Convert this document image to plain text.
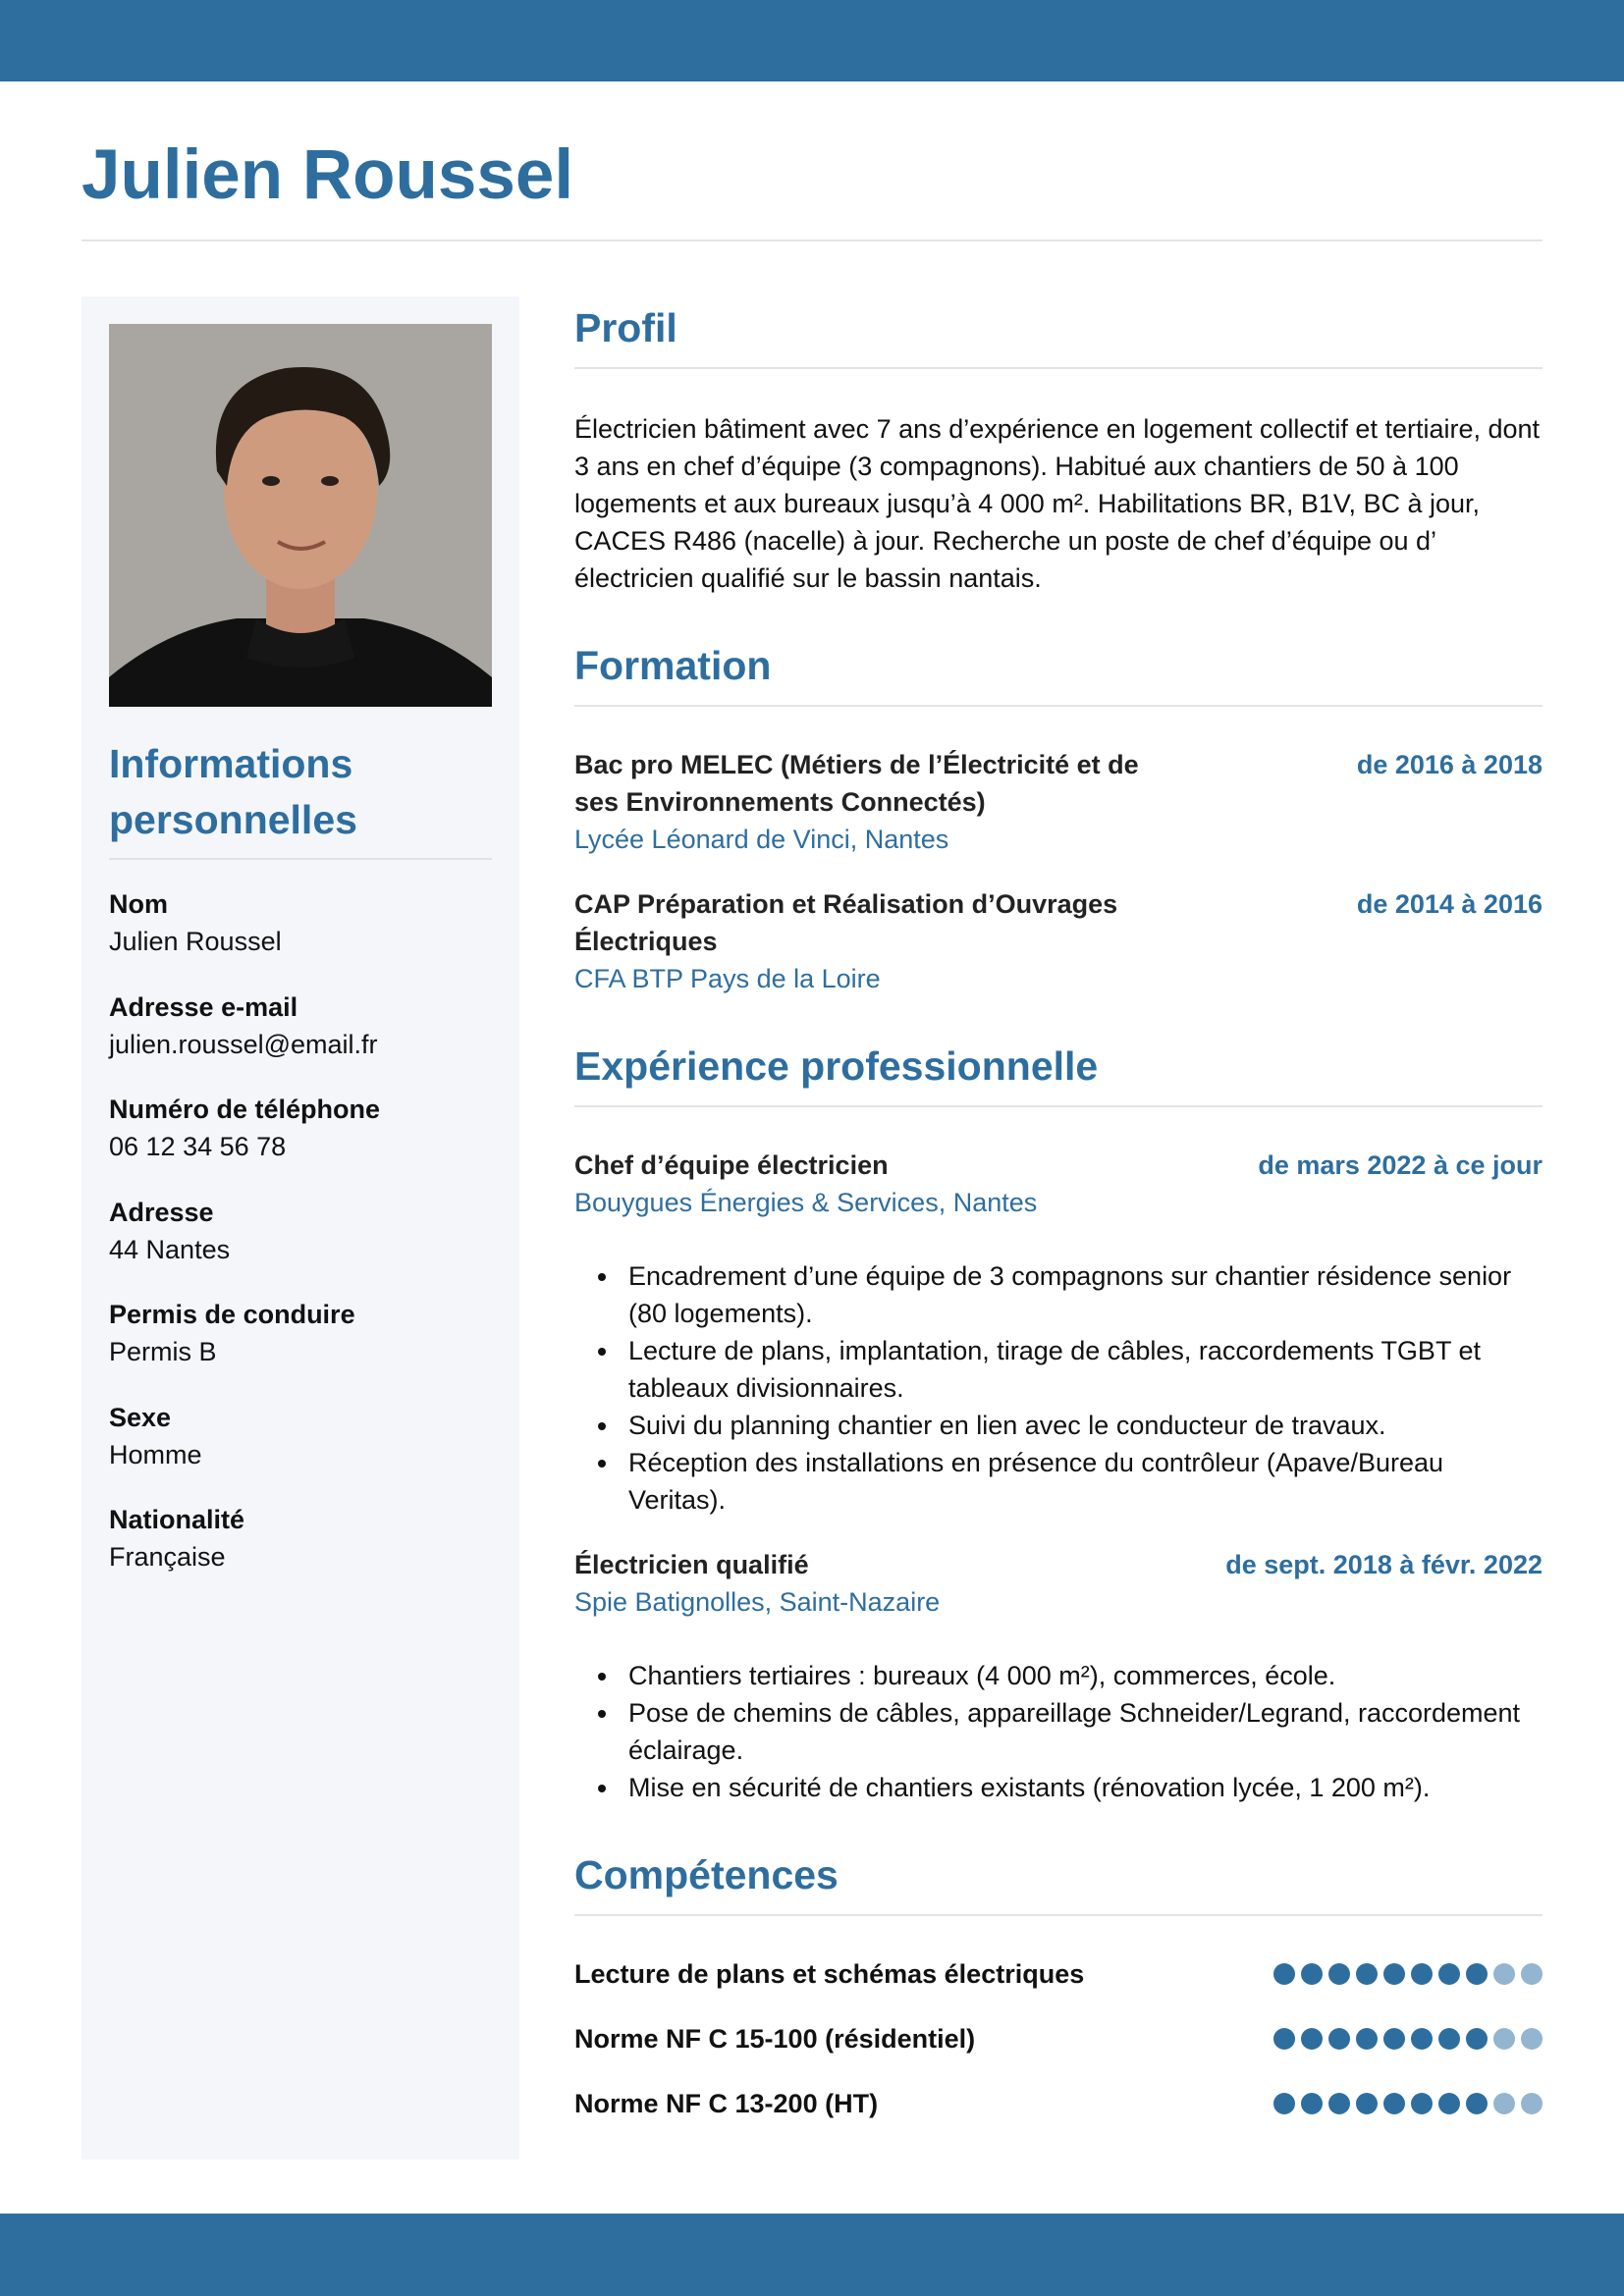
Julien Roussel
Informations personnelles
Nom
Julien Roussel
Adresse e-mail
julien.roussel@email.fr
Numéro de téléphone
06 12 34 56 78
Adresse
44 Nantes
Permis de conduire
Permis B
Sexe
Homme
Nationalité
Française
Profil

Électricien bâtiment avec 7 ans d’expérience en logement collectif et tertiaire, dont 3 ans en chef d’équipe (3 compagnons). Habitué aux chantiers de 50 à 100 logements et aux bureaux jusqu’à 4 000 m². Habilitations BR, B1V, BC à jour, CACES R486 (nacelle) à jour. Recherche un poste de chef d’équipe ou d’ électricien qualifié sur le bassin nantais.

Formation
Bac pro MELEC (Métiers de l’Électricité et de ses Environnements Connectés)
de 2016 à 2018
Lycée Léonard de Vinci, Nantes
CAP Préparation et Réalisation d’Ouvrages Électriques
de 2014 à 2016
CFA BTP Pays de la Loire
Expérience professionnelle
Chef d’équipe électricien	de mars 2022 à ce jour
Bouygues Énergies & Services, Nantes
Encadrement d’une équipe de 3 compagnons sur chantier résidence senior (80 logements).
Lecture de plans, implantation, tirage de câbles, raccordements TGBT et tableaux divisionnaires.
Suivi du planning chantier en lien avec le conducteur de travaux.
Réception des installations en présence du contrôleur (Apave/Bureau Veritas).
Électricien qualifié	de sept. 2018 à févr. 2022
Spie Batignolles, Saint-Nazaire
Chantiers tertiaires : bureaux (4 000 m²), commerces, école.
Pose de chemins de câbles, appareillage Schneider/Legrand, raccordement éclairage.
Mise en sécurité de chantiers existants (rénovation lycée, 1 200 m²).
Compétences
Lecture de plans et schémas électriques
Norme NF C 15-100 (résidentiel)
Norme NF C 13-200 (HT)
